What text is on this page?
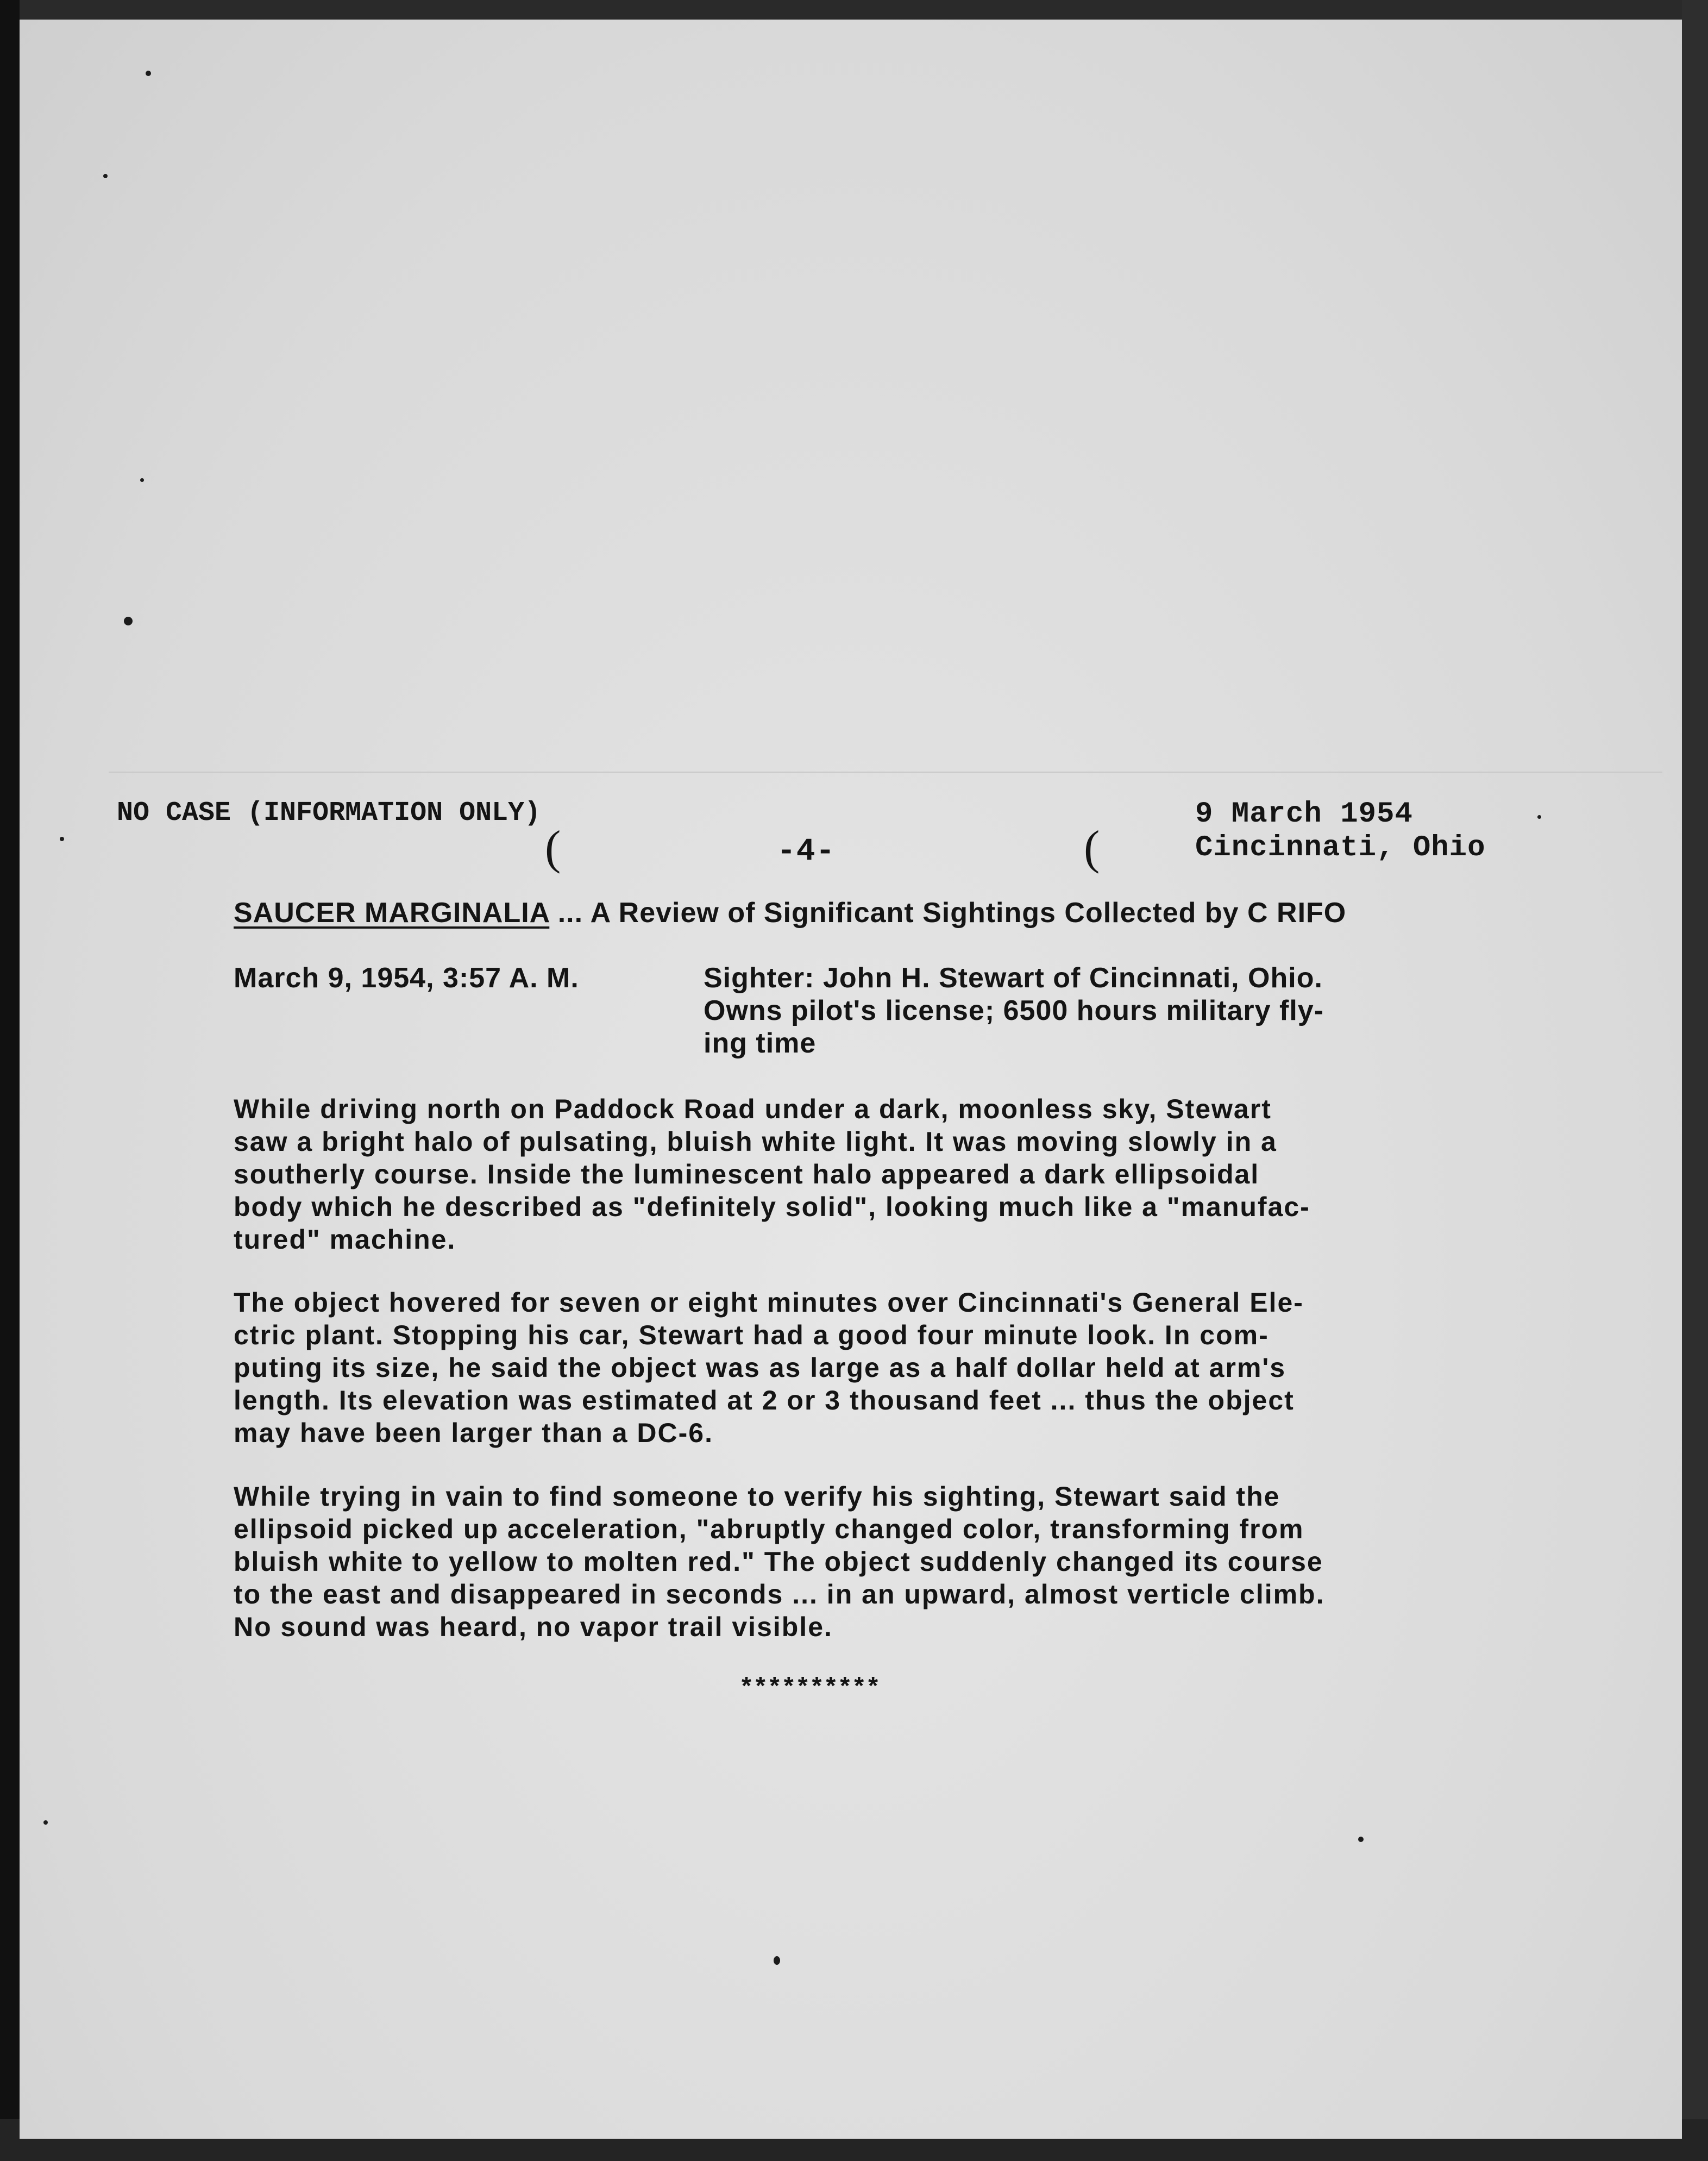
NO CASE (INFORMATION ONLY)
(	-4-	(
9 March 1954
Cincinnati, Ohio
SAUCER MARGINALIA ... A Review of Significant Sightings Collected by C RIFO
March 9, 1954, 3:57 A. M.	Sighter: John H. Stewart of Cincinnati, Ohio.
Owns pilot's license; 6500 hours military fly-
ing time
While driving north on Paddock Road under a dark, moonless sky, Stewart
saw a bright halo of pulsating, bluish white light. It was moving slowly in a
southerly course. Inside the luminescent halo appeared a dark ellipsoidal
body which he described as "definitely solid", looking much like a "manufac-
tured" machine.
The object hovered for seven or eight minutes over Cincinnati's General Ele-
ctric plant. Stopping his car, Stewart had a good four minute look. In com-
puting its size, he said the object was as large as a half dollar held at arm's
length. Its elevation was estimated at 2 or 3 thousand feet ... thus the object
may have been larger than a DC-6.
While trying in vain to find someone to verify his sighting, Stewart said the
ellipsoid picked up acceleration, "abruptly changed color, transforming from
bluish white to yellow to molten red." The object suddenly changed its course
to the east and disappeared in seconds ... in an upward, almost verticle climb.
No sound was heard, no vapor trail visible.
**********
